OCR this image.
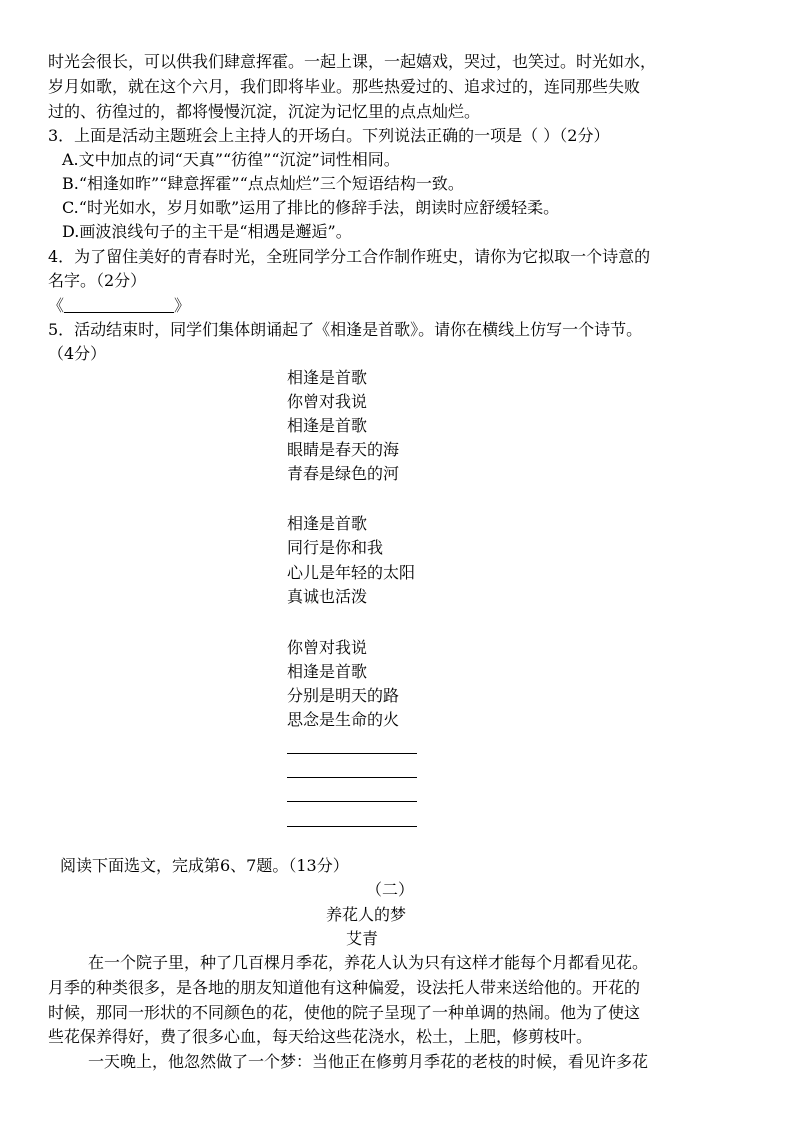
时光会很长，可以供我们肆意挥霍。一起上课，一起嬉戏，哭过，也笑过。时光如水，
岁月如歌，就在这个六月，我们即将毕业。那些热爱过的、追求过的，连同那些失败
过的、彷徨过的，都将慢慢沉淀，沉淀为记忆里的点点灿烂。
3．上面是活动主题班会上主持人的开场白。下列说法正确的一项是（ ）（2分）
A.文中加点的词“天真”“彷徨”“沉淀”词性相同。
B.“相逢如昨”“肆意挥霍”“点点灿烂”三个短语结构一致。
C.“时光如水，岁月如歌”运用了排比的修辞手法，朗读时应舒缓轻柔。
D.画波浪线句子的主干是“相遇是邂逅”。
4．为了留住美好的青春时光，全班同学分工合作制作班史，请你为它拟取一个诗意的
名字。（2分）
《	》
5．活动结束时，同学们集体朗诵起了《相逢是首歌》。请你在横线上仿写一个诗节。
（4分）
相逢是首歌
你曾对我说
相逢是首歌
眼睛是春天的海
青春是绿色的河
相逢是首歌
同行是你和我
心儿是年轻的太阳
真诚也活泼
你曾对我说
相逢是首歌
分别是明天的路
思念是生命的火
阅读下面选文，完成第6、7题。（13分）
（二）
养花人的梦
艾青
在一个院子里，种了几百棵月季花，养花人认为只有这样才能每个月都看见花。
月季的种类很多，是各地的朋友知道他有这种偏爱，设法托人带来送给他的。开花的
时候，那同一形状的不同颜色的花，使他的院子呈现了一种单调的热闹。他为了使这
些花保养得好，费了很多心血，每天给这些花浇水，松土，上肥，修剪枝叶。
一天晚上，他忽然做了一个梦：当他正在修剪月季花的老枝的时候，看见许多花
